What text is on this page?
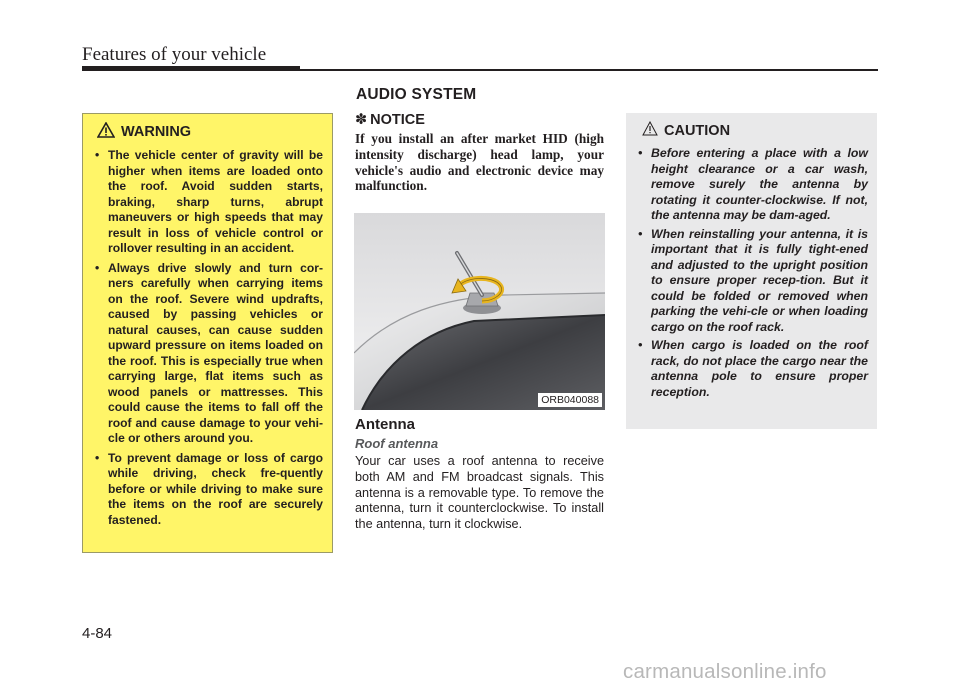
Features of your vehicle
AUDIO SYSTEM
WARNING
• The vehicle center of gravity will be higher when items are loaded onto the roof. Avoid sudden starts, braking, sharp turns, abrupt maneuvers or high speeds that may result in loss of vehicle control or rollover resulting in an accident.
• Always drive slowly and turn cor-ners carefully when carrying items on the roof. Severe wind updrafts, caused by passing vehicles or natural causes, can cause sudden upward pressure on items loaded on the roof. This is especially true when carrying large, flat items such as wood panels or mattresses. This could cause the items to fall off the roof and cause damage to your vehi-cle or others around you.
• To prevent damage or loss of cargo while driving, check fre-quently before or while driving to make sure the items on the roof are securely fastened.
✽ NOTICE
If you install an after market HID (high intensity discharge) head lamp, your vehicle's audio and electronic device may malfunction.
ORB040088
Antenna
Roof antenna
Your car uses a roof antenna to receive both AM and FM broadcast signals. This antenna is a removable type. To remove the antenna, turn it counterclockwise. To install the antenna, turn it clockwise.
CAUTION
• Before entering a place with a low height clearance or a car wash, remove surely the antenna by rotating it counter-clockwise. If not, the antenna may be dam-aged.
• When reinstalling your antenna, it is important that it is fully tight-ened and adjusted to the upright position to ensure proper recep-tion. But it could be folded or removed when parking the vehi-cle or when loading cargo on the roof rack.
• When cargo is loaded on the roof rack, do not place the cargo near the antenna pole to ensure proper reception.
4-84
carmanualsonline.info
